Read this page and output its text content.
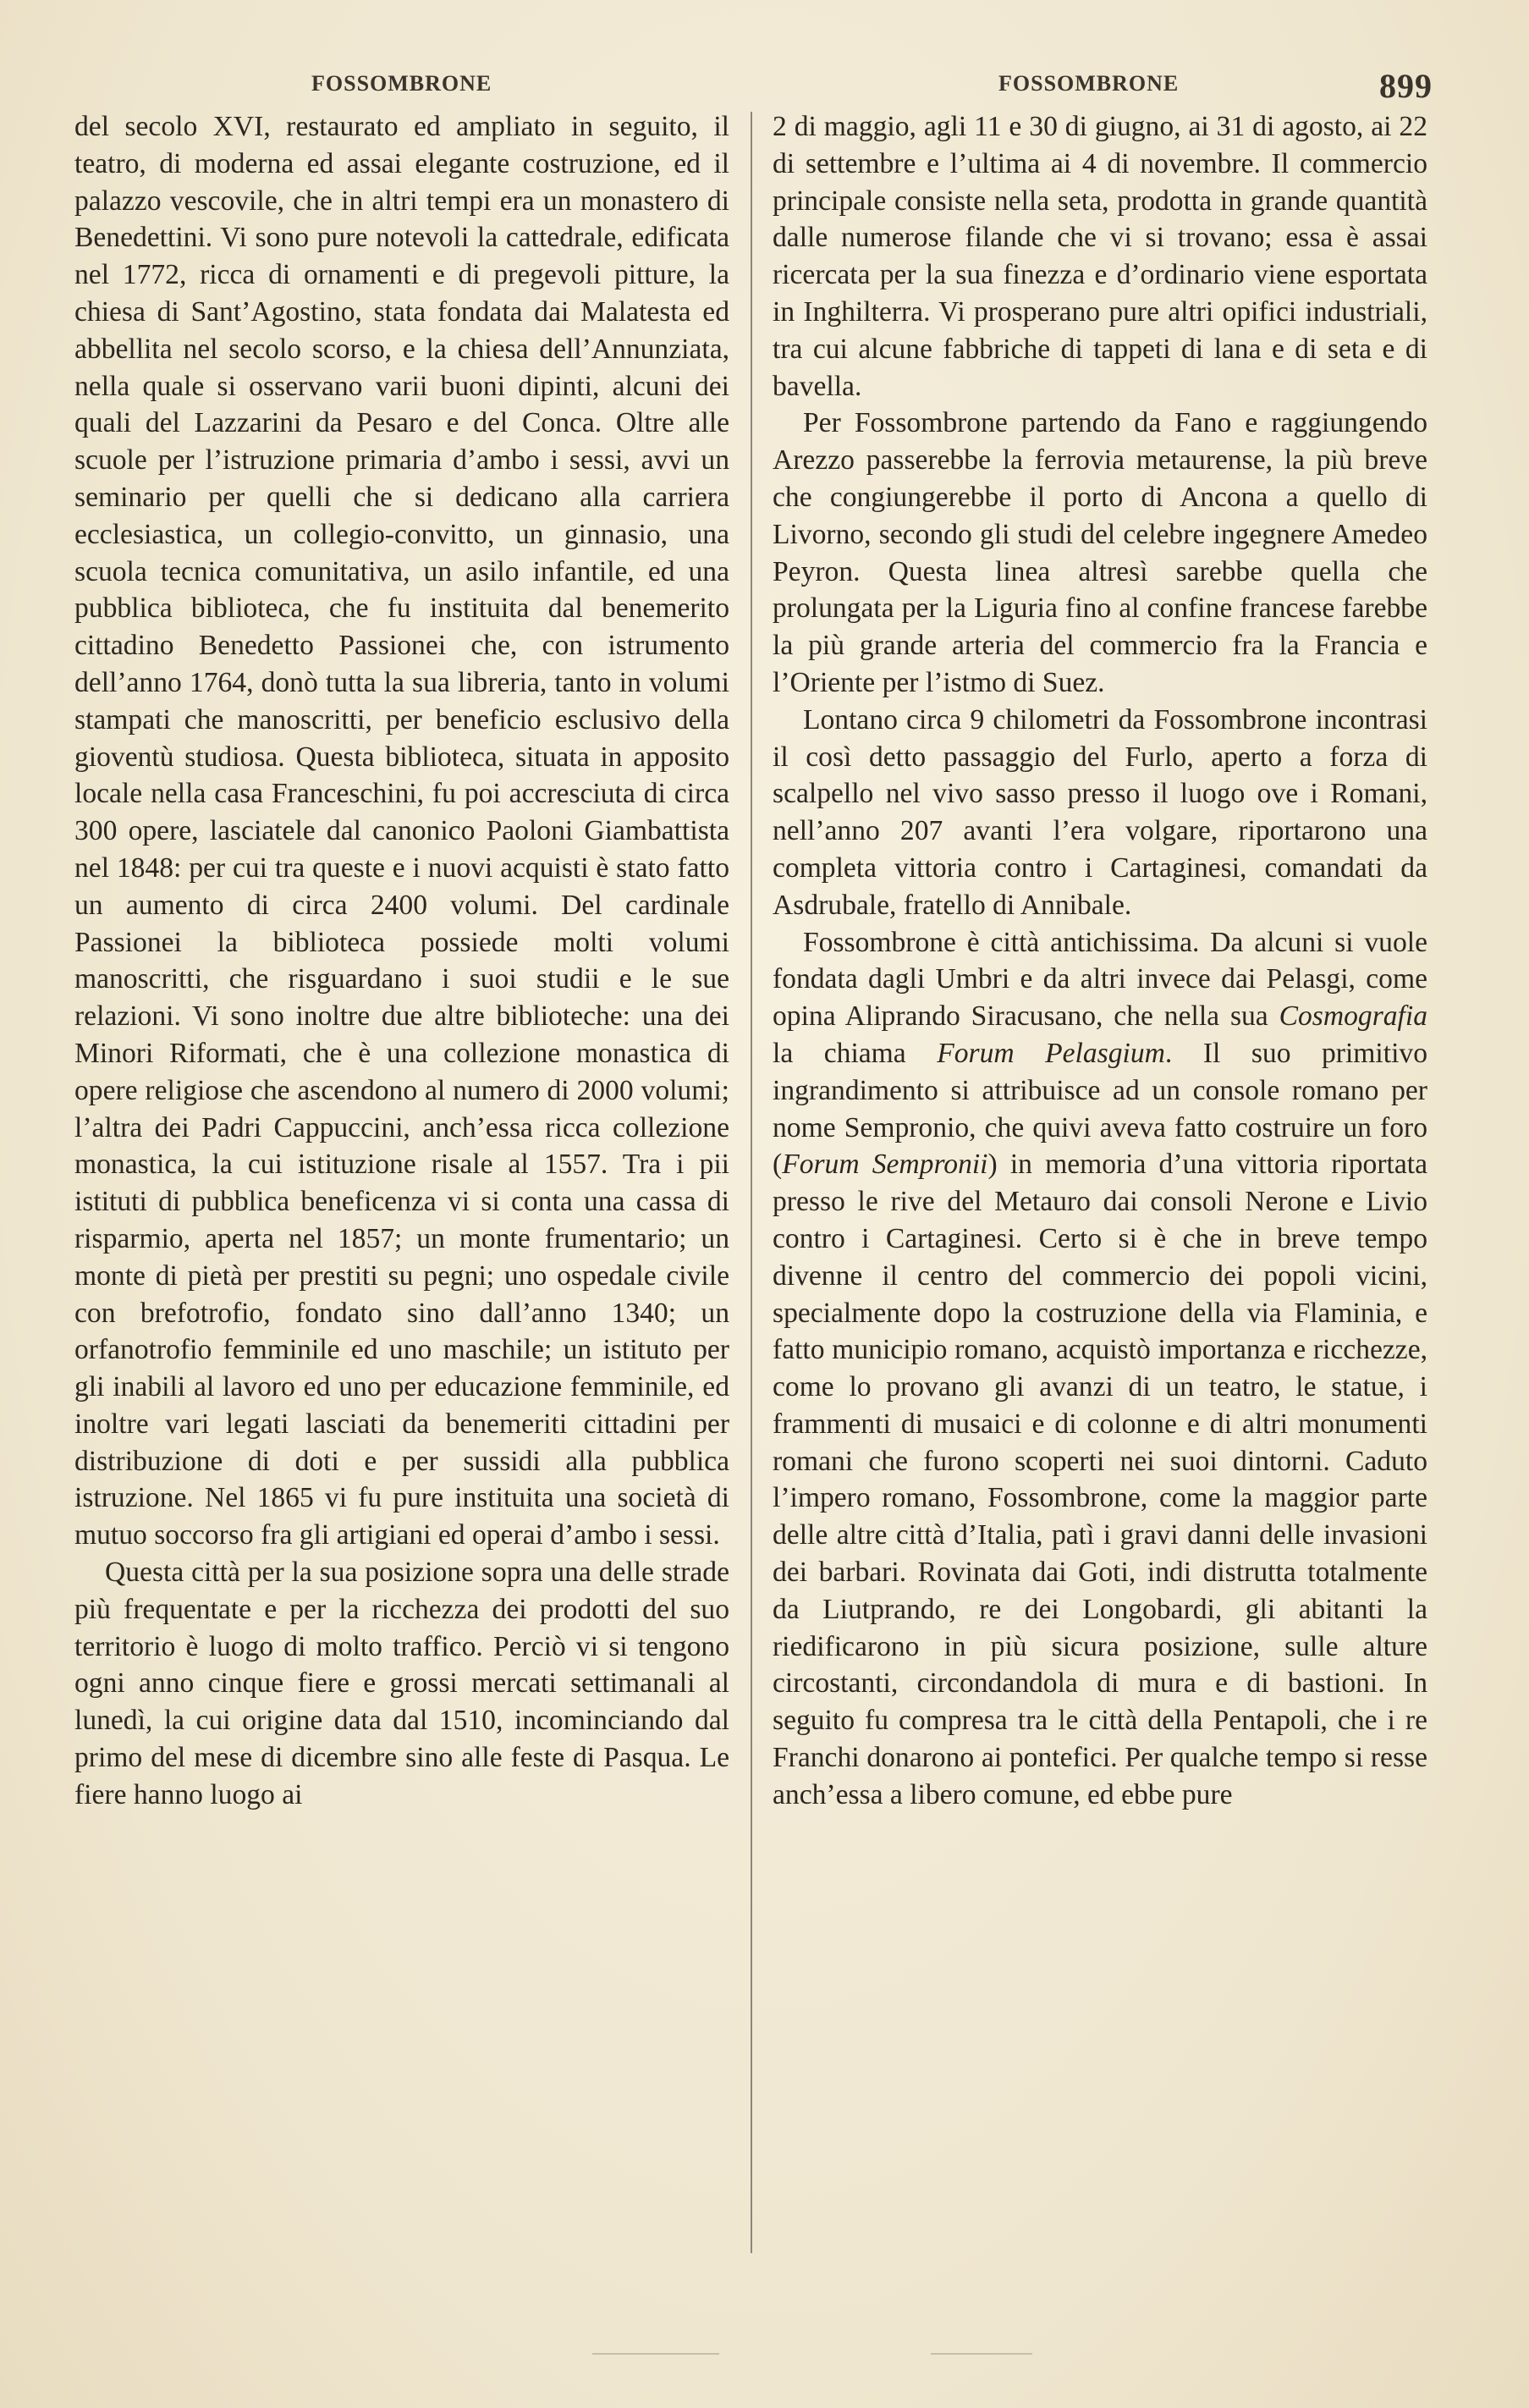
FOSSOMBRONE	FOSSOMBRONE	899

del secolo XVI, restaurato ed ampliato in seguito, il teatro, di moderna ed assai elegante costruzione, ed il palazzo vescovile, che in altri tempi era un monastero di Benedettini. Vi sono pure notevoli la cattedrale, edificata nel 1772, ricca di ornamenti e di pregevoli pitture, la chiesa di Sant’Agostino, stata fondata dai Malatesta ed abbellita nel secolo scorso, e la chiesa dell’Annunziata, nella quale si osservano varii buoni dipinti, alcuni dei quali del Lazzarini da Pesaro e del Conca. Oltre alle scuole per l’istruzione primaria d’ambo i sessi, avvi un seminario per quelli che si dedicano alla carriera ecclesiastica, un collegio-convitto, un ginnasio, una scuola tecnica comunitativa, un asilo infantile, ed una pubblica biblioteca, che fu instituita dal benemerito cittadino Benedetto Passionei che, con istrumento dell’anno 1764, donò tutta la sua libreria, tanto in volumi stampati che manoscritti, per beneficio esclusivo della gioventù studiosa. Questa biblioteca, situata in apposito locale nella casa Franceschini, fu poi accresciuta di circa 300 opere, lasciatele dal canonico Paoloni Giambattista nel 1848: per cui tra queste e i nuovi acquisti è stato fatto un aumento di circa 2400 volumi. Del cardinale Passionei la biblioteca possiede molti volumi manoscritti, che risguardano i suoi studii e le sue relazioni. Vi sono inoltre due altre biblioteche: una dei Minori Riformati, che è una collezione monastica di opere religiose che ascendono al numero di 2000 volumi; l’altra dei Padri Cappuccini, anch’essa ricca collezione monastica, la cui istituzione risale al 1557. Tra i pii istituti di pubblica beneficenza vi si conta una cassa di risparmio, aperta nel 1857; un monte frumentario; un monte di pietà per prestiti su pegni; uno ospedale civile con brefotrofio, fondato sino dall’anno 1340; un orfanotrofio femminile ed uno maschile; un istituto per gli inabili al lavoro ed uno per educazione femminile, ed inoltre vari legati lasciati da benemeriti cittadini per distribuzione di doti e per sussidi alla pubblica istruzione. Nel 1865 vi fu pure instituita una società di mutuo soccorso fra gli artigiani ed operai d’ambo i sessi.

Questa città per la sua posizione sopra una delle strade più frequentate e per la ricchezza dei prodotti del suo territorio è luogo di molto traffico. Perciò vi si tengono ogni anno cinque fiere e grossi mercati settimanali al lunedì, la cui origine data dal 1510, incominciando dal primo del mese di dicembre sino alle feste di Pasqua. Le fiere hanno luogo ai

2 di maggio, agli 11 e 30 di giugno, ai 31 di agosto, ai 22 di settembre e l’ultima ai 4 di novembre. Il commercio principale consiste nella seta, prodotta in grande quantità dalle numerose filande che vi si trovano; essa è assai ricercata per la sua finezza e d’ordinario viene esportata in Inghilterra. Vi prosperano pure altri opifici industriali, tra cui alcune fabbriche di tappeti di lana e di seta e di bavella.

Per Fossombrone partendo da Fano e raggiungendo Arezzo passerebbe la ferrovia metaurense, la più breve che congiungerebbe il porto di Ancona a quello di Livorno, secondo gli studi del celebre ingegnere Amedeo Peyron. Questa linea altresì sarebbe quella che prolungata per la Liguria fino al confine francese farebbe la più grande arteria del commercio fra la Francia e l’Oriente per l’istmo di Suez.

Lontano circa 9 chilometri da Fossombrone incontrasi il così detto passaggio del Furlo, aperto a forza di scalpello nel vivo sasso presso il luogo ove i Romani, nell’anno 207 avanti l’era volgare, riportarono una completa vittoria contro i Cartaginesi, comandati da Asdrubale, fratello di Annibale.

Fossombrone è città antichissima. Da alcuni si vuole fondata dagli Umbri e da altri invece dai Pelasgi, come opina Aliprando Siracusano, che nella sua Cosmografia la chiama Forum Pelasgium. Il suo primitivo ingrandimento si attribuisce ad un console romano per nome Sempronio, che quivi aveva fatto costruire un foro (Forum Sempronii) in memoria d’una vittoria riportata presso le rive del Metauro dai consoli Nerone e Livio contro i Cartaginesi. Certo si è che in breve tempo divenne il centro del commercio dei popoli vicini, specialmente dopo la costruzione della via Flaminia, e fatto municipio romano, acquistò importanza e ricchezze, come lo provano gli avanzi di un teatro, le statue, i frammenti di musaici e di colonne e di altri monumenti romani che furono scoperti nei suoi dintorni. Caduto l’impero romano, Fossombrone, come la maggior parte delle altre città d’Italia, patì i gravi danni delle invasioni dei barbari. Rovinata dai Goti, indi distrutta totalmente da Liutprando, re dei Longobardi, gli abitanti la riedificarono in più sicura posizione, sulle alture circostanti, circondandola di mura e di bastioni. In seguito fu compresa tra le città della Pentapoli, che i re Franchi donarono ai pontefici. Per qualche tempo si resse anch’essa a libero comune, ed ebbe pure
